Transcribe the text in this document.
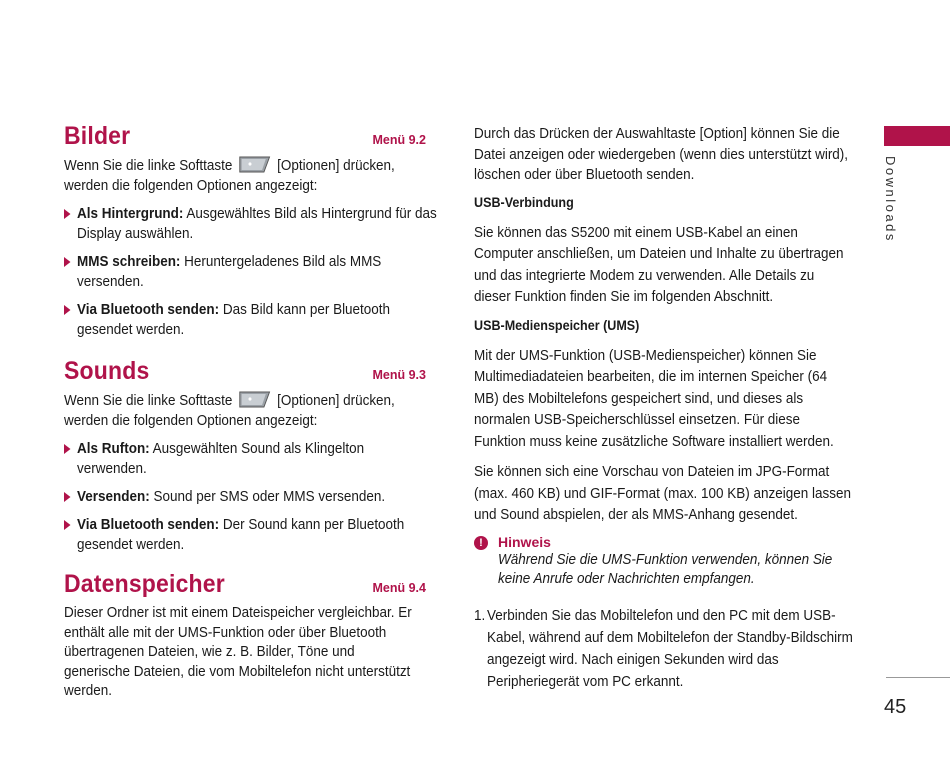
Downloads
45
Bilder	Menü 9.2
Wenn Sie die linke Softtaste	[Optionen] drücken, werden die folgenden Optionen angezeigt:
Als Hintergrund: Ausgewähltes Bild als Hintergrund für das Display auswählen.
MMS schreiben: Heruntergeladenes Bild als MMS versenden.
Via Bluetooth senden: Das Bild kann per Bluetooth gesendet werden.
Sounds	Menü 9.3
Wenn Sie die linke Softtaste	[Optionen] drücken, werden die folgenden Optionen angezeigt:
Als Rufton: Ausgewählten Sound als Klingelton verwenden.
Versenden: Sound per SMS oder MMS versenden.
Via Bluetooth senden: Der Sound kann per Bluetooth gesendet werden.
Datenspeicher	Menü 9.4
Dieser Ordner ist mit einem Dateispeicher vergleichbar. Er enthält alle mit der UMS-Funktion oder über Bluetooth übertragenen Dateien, wie z. B. Bilder, Töne und generische Dateien, die vom Mobiltelefon nicht unterstützt werden.
Durch das Drücken der Auswahltaste [Option] können Sie die Datei anzeigen oder wiedergeben (wenn dies unterstützt wird), löschen oder über Bluetooth senden.
USB-Verbindung
Sie können das S5200 mit einem USB-Kabel an einen Computer anschließen, um Dateien und Inhalte zu übertragen und das integrierte Modem zu verwenden. Alle Details zu dieser Funktion finden Sie im folgenden Abschnitt.
USB-Medienspeicher (UMS)
Mit der UMS-Funktion (USB-Medienspeicher) können Sie Multimediadateien bearbeiten, die im internen Speicher (64 MB) des Mobiltelefons gespeichert sind, und dieses als normalen USB-Speicherschlüssel einsetzen. Für diese Funktion muss keine zusätzliche Software installiert werden.
Sie können sich eine Vorschau von Dateien im JPG-Format (max. 460 KB) und GIF-Format (max. 100 KB) anzeigen lassen und Sound abspielen, der als MMS-Anhang gesendet.
!	Hinweis
Während Sie die UMS-Funktion verwenden, können Sie keine Anrufe oder Nachrichten empfangen.
1. Verbinden Sie das Mobiltelefon und den PC mit dem USB-Kabel, während auf dem Mobiltelefon der Standby-Bildschirm angezeigt wird. Nach einigen Sekunden wird das Peripheriegerät vom PC erkannt.
